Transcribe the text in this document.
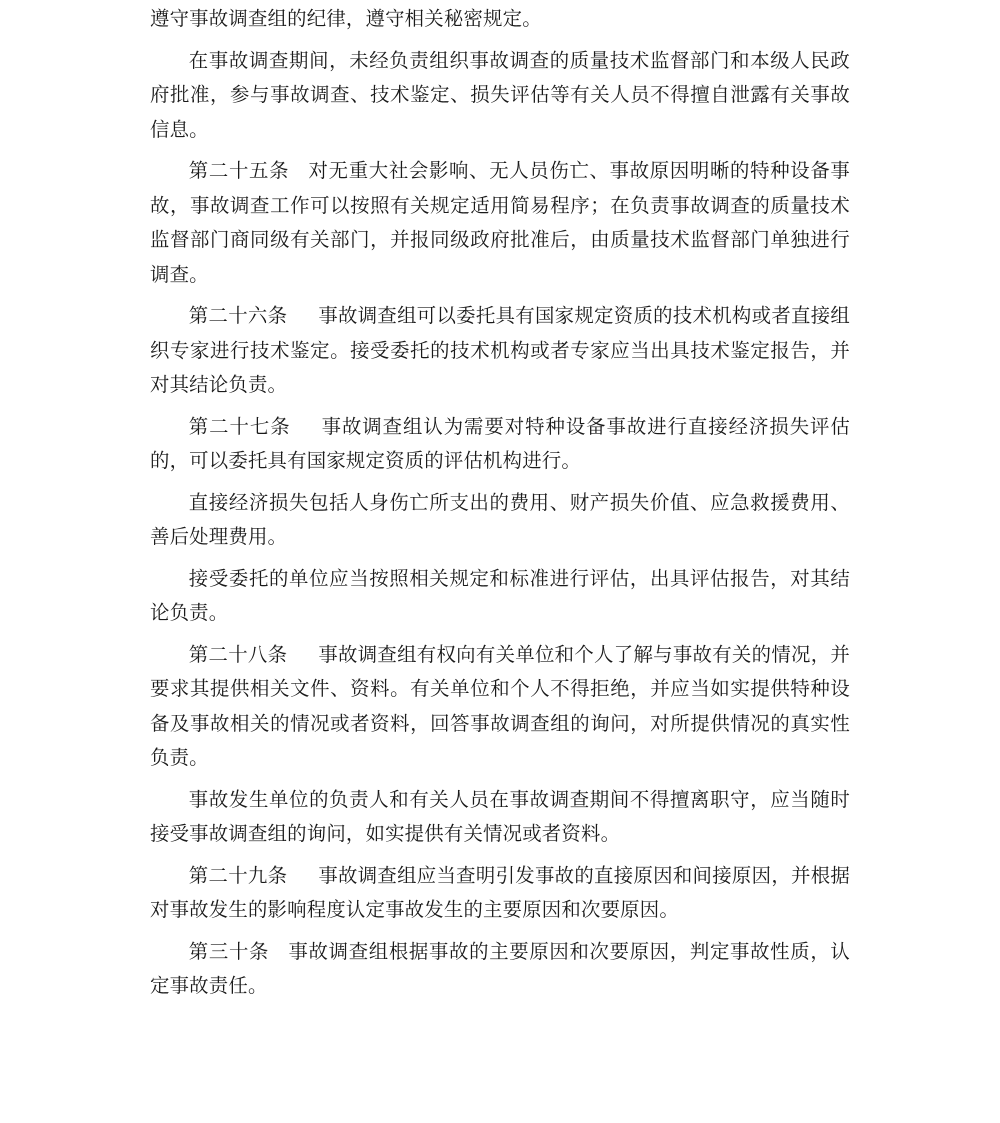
遵守事故调查组的纪律，遵守相关秘密规定。

在事故调查期间，未经负责组织事故调查的质量技术监督部门和本级人民政府批准，参与事故调查、技术鉴定、损失评估等有关人员不得擅自泄露有关事故信息。

第二十五条 对无重大社会影响、无人员伤亡、事故原因明晰的特种设备事故，事故调查工作可以按照有关规定适用简易程序；在负责事故调查的质量技术监督部门商同级有关部门，并报同级政府批准后，由质量技术监督部门单独进行调查。

第二十六条 事故调查组可以委托具有国家规定资质的技术机构或者直接组织专家进行技术鉴定。接受委托的技术机构或者专家应当出具技术鉴定报告，并对其结论负责。

第二十七条 事故调查组认为需要对特种设备事故进行直接经济损失评估的，可以委托具有国家规定资质的评估机构进行。

直接经济损失包括人身伤亡所支出的费用、财产损失价值、应急救援费用、善后处理费用。

接受委托的单位应当按照相关规定和标准进行评估，出具评估报告，对其结论负责。

第二十八条 事故调查组有权向有关单位和个人了解与事故有关的情况，并要求其提供相关文件、资料。有关单位和个人不得拒绝，并应当如实提供特种设备及事故相关的情况或者资料，回答事故调查组的询问，对所提供情况的真实性负责。

事故发生单位的负责人和有关人员在事故调查期间不得擅离职守，应当随时接受事故调查组的询问，如实提供有关情况或者资料。

第二十九条 事故调查组应当查明引发事故的直接原因和间接原因，并根据对事故发生的影响程度认定事故发生的主要原因和次要原因。

第三十条 事故调查组根据事故的主要原因和次要原因，判定事故性质，认定事故责任。
